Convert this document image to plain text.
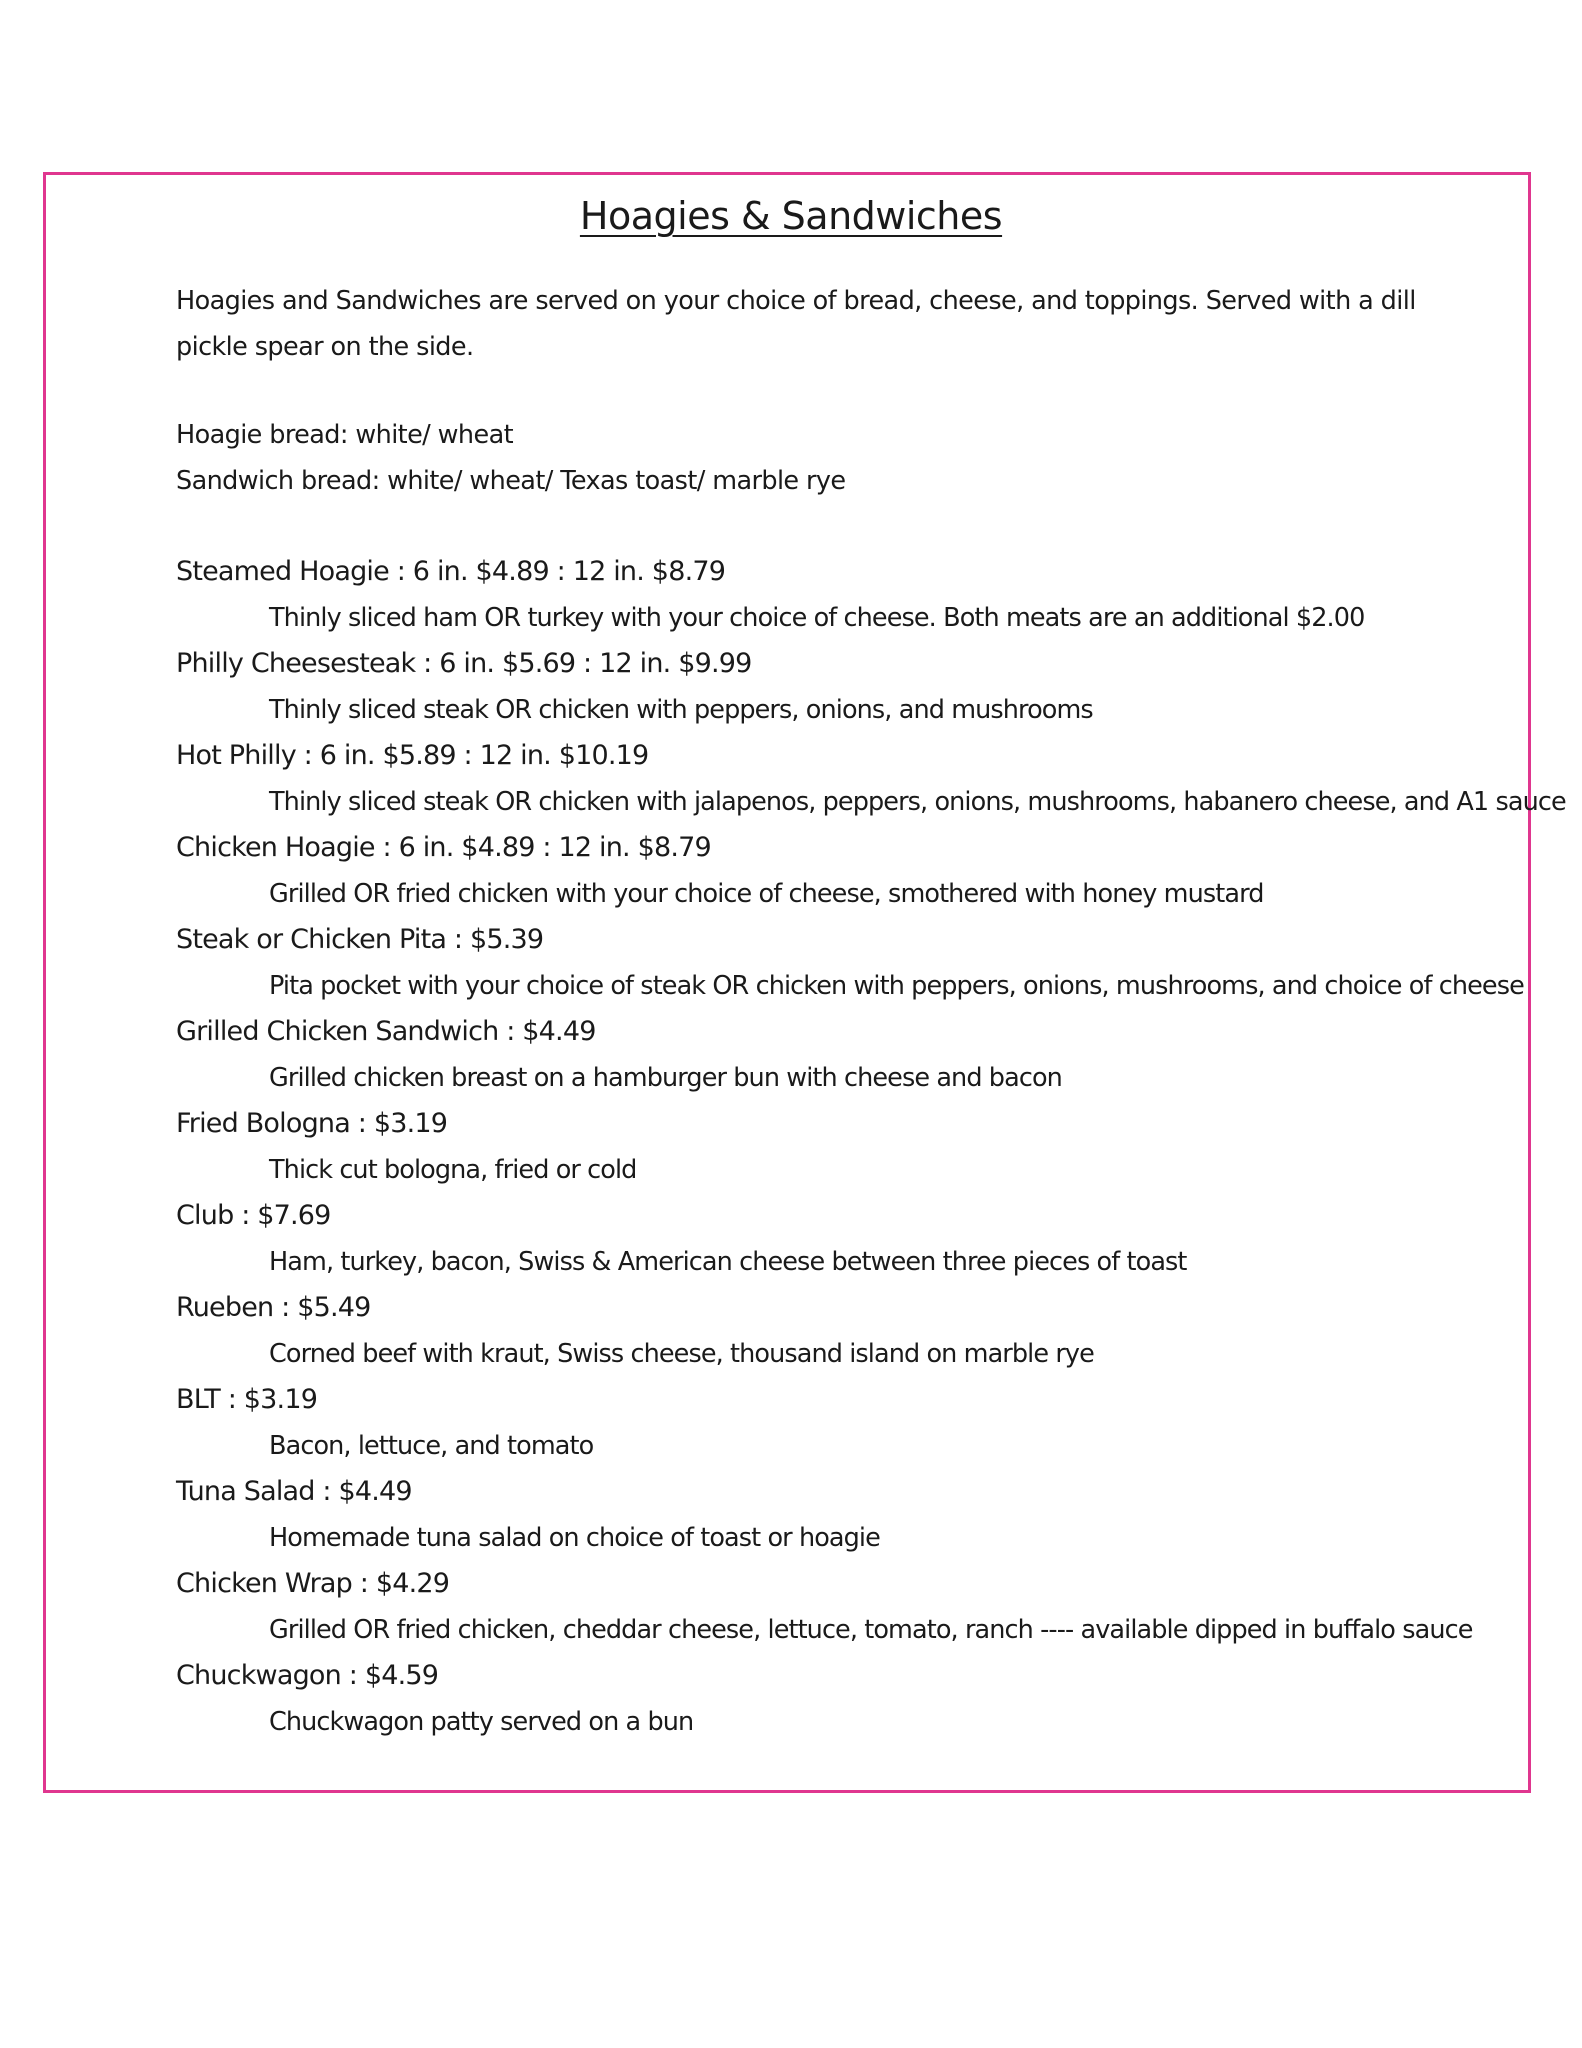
Hoagies & Sandwiches
Hoagies and Sandwiches are served on your choice of bread, cheese, and toppings. Served with a dill pickle spear on the side.
Hoagie bread: white/ wheat
Sandwich bread: white/ wheat/ Texas toast/ marble rye
Steamed Hoagie : 6 in. $4.89 : 12 in. $8.79
Thinly sliced ham OR turkey with your choice of cheese. Both meats are an additional $2.00
Philly Cheesesteak : 6 in. $5.69 : 12 in. $9.99
Thinly sliced steak OR chicken with peppers, onions, and mushrooms
Hot Philly : 6 in. $5.89 : 12 in. $10.19
Thinly sliced steak OR chicken with jalapenos, peppers, onions, mushrooms, habanero cheese, and A1 sauce
Chicken Hoagie : 6 in. $4.89 : 12 in. $8.79
Grilled OR fried chicken with your choice of cheese, smothered with honey mustard
Steak or Chicken Pita : $5.39
Pita pocket with your choice of steak OR chicken with peppers, onions, mushrooms, and choice of cheese
Grilled Chicken Sandwich : $4.49
Grilled chicken breast on a hamburger bun with cheese and bacon
Fried Bologna : $3.19
Thick cut bologna, fried or cold
Club : $7.69
Ham, turkey, bacon, Swiss & American cheese between three pieces of toast
Rueben : $5.49
Corned beef with kraut, Swiss cheese, thousand island on marble rye
BLT : $3.19
Bacon, lettuce, and tomato
Tuna Salad : $4.49
Homemade tuna salad on choice of toast or hoagie
Chicken Wrap : $4.29
Grilled OR fried chicken, cheddar cheese, lettuce, tomato, ranch ---- available dipped in buffalo sauce
Chuckwagon : $4.59
Chuckwagon patty served on a bun
